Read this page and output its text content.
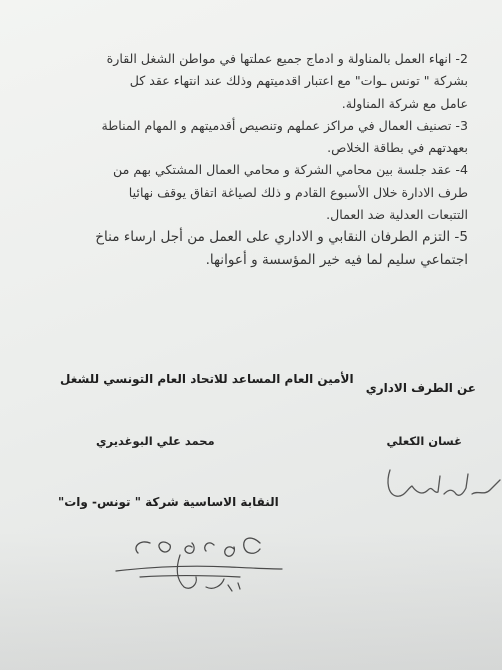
2- انهاء العمل بالمناولة و ادماج جميع عملتها في مواطن الشغل القارة
بشركة " تونس ـوات" مع اعتبار اقدميتهم وذلك عند انتهاء عقد كل
عامل مع شركة المناولة.
3- تصنيف العمال في مراكز عملهم وتنصيص أقدميتهم و المهام المناطة
بعهدتهم في بطاقة الخلاص.
4- عقد جلسة بين محامي الشركة و محامي العمال المشتكي بهم من
طرف الادارة خلال الأسبوع القادم و ذلك لصياغة اتفاق يوقف نهائيا
التتبعات العدلية ضد العمال.
5- التزم الطرفان النقابي و الاداري على العمل من أجل ارساء مناخ
اجتماعي سليم لما فيه خير المؤسسة و أعوانها.
الأمين العام المساعد للاتحاد العام التونسي للشغل
محمد علي البوغديري
عن الطرف الاداري
غسان الكعلي
النقابة الاساسية شركة " تونس- وات"
